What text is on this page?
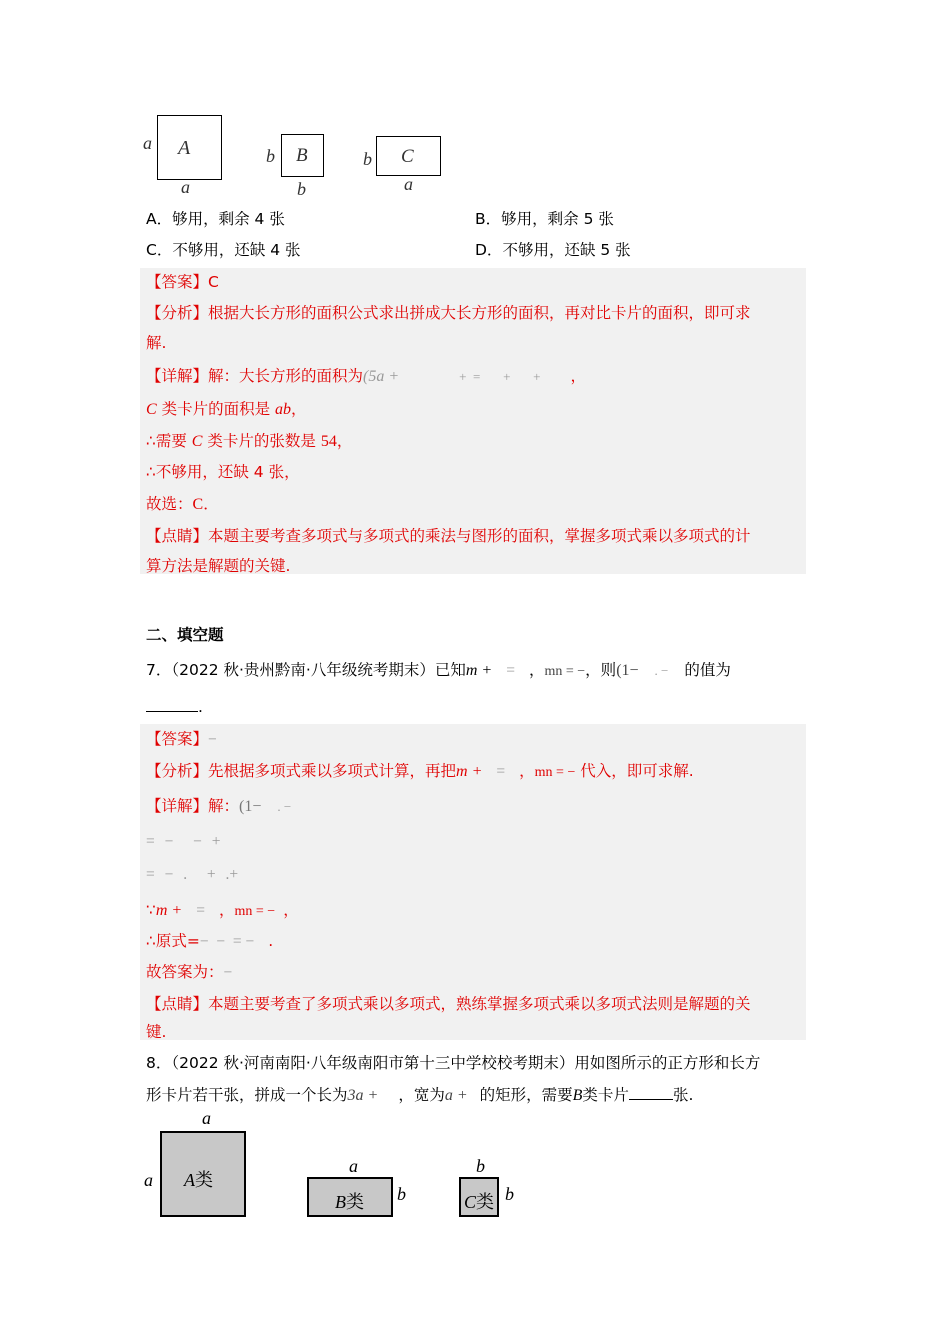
a A
a
b B
b
b C
a
A．够用，剩余 4 张	B．够用，剩余 5 张
C．不够用，还缺 4 张	D．不够用，还缺 5 张
【答案】C
【分析】根据大长方形的面积公式求出拼成大长方形的面积，再对比卡片的面积，即可求
解.
【详解】解：大长方形的面积为(5a +	+  =       +       + ，
C 类卡片的面积是 ab，
∴需要 C 类卡片的张数是 54，
∴不够用，还缺 4 张，
故选：C．
【点睛】本题主要考查多项式与多项式的乘法与图形的面积，掌握多项式乘以多项式的计
算方法是解题的关键.
二、填空题
7．（2022 秋·贵州黔南·八年级统考期末）已知m + = ，mn = −，则(1− . − 的值为
.
【答案】−
【分析】先根据多项式乘以多项式计算，再把m + = ，mn = − 代入，即可求解.
【详解】解：(1− . −
= −  − +
= − .  + .+
∵m + = ，mn = − ，
∴原式=−  −  = − .
故答案为：−
【点睛】本题主要考查了多项式乘以多项式，熟练掌握多项式乘以多项式法则是解题的关
键.
8．（2022 秋·河南南阳·八年级南阳市第十三中学校校考期末）用如图所示的正方形和长方
形卡片若干张，拼成一个长为3a + ，宽为a + 的矩形，需要B类卡片	张.
a
a A类
a
B类 b
b
C类 b
